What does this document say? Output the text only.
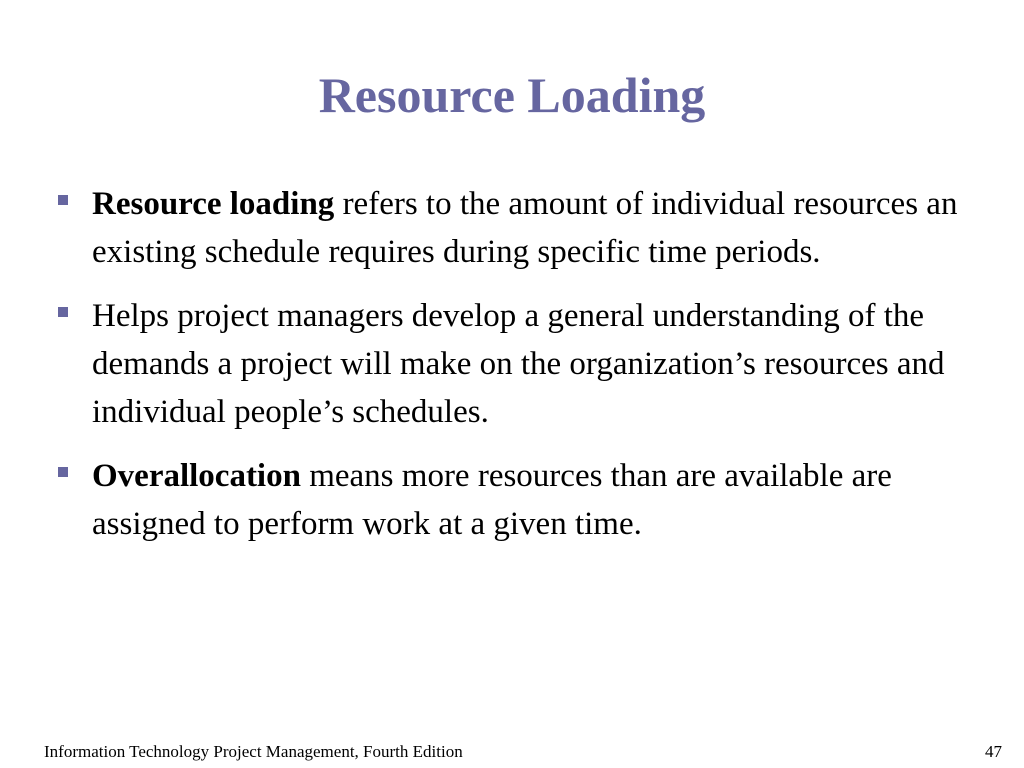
Resource Loading
Resource loading refers to the amount of individual resources an existing schedule requires during specific time periods.
Helps project managers develop a general understanding of the demands a project will make on the organization’s resources and individual people’s schedules.
Overallocation means more resources than are available are assigned to perform work at a given time.
Information Technology Project Management, Fourth Edition	47
